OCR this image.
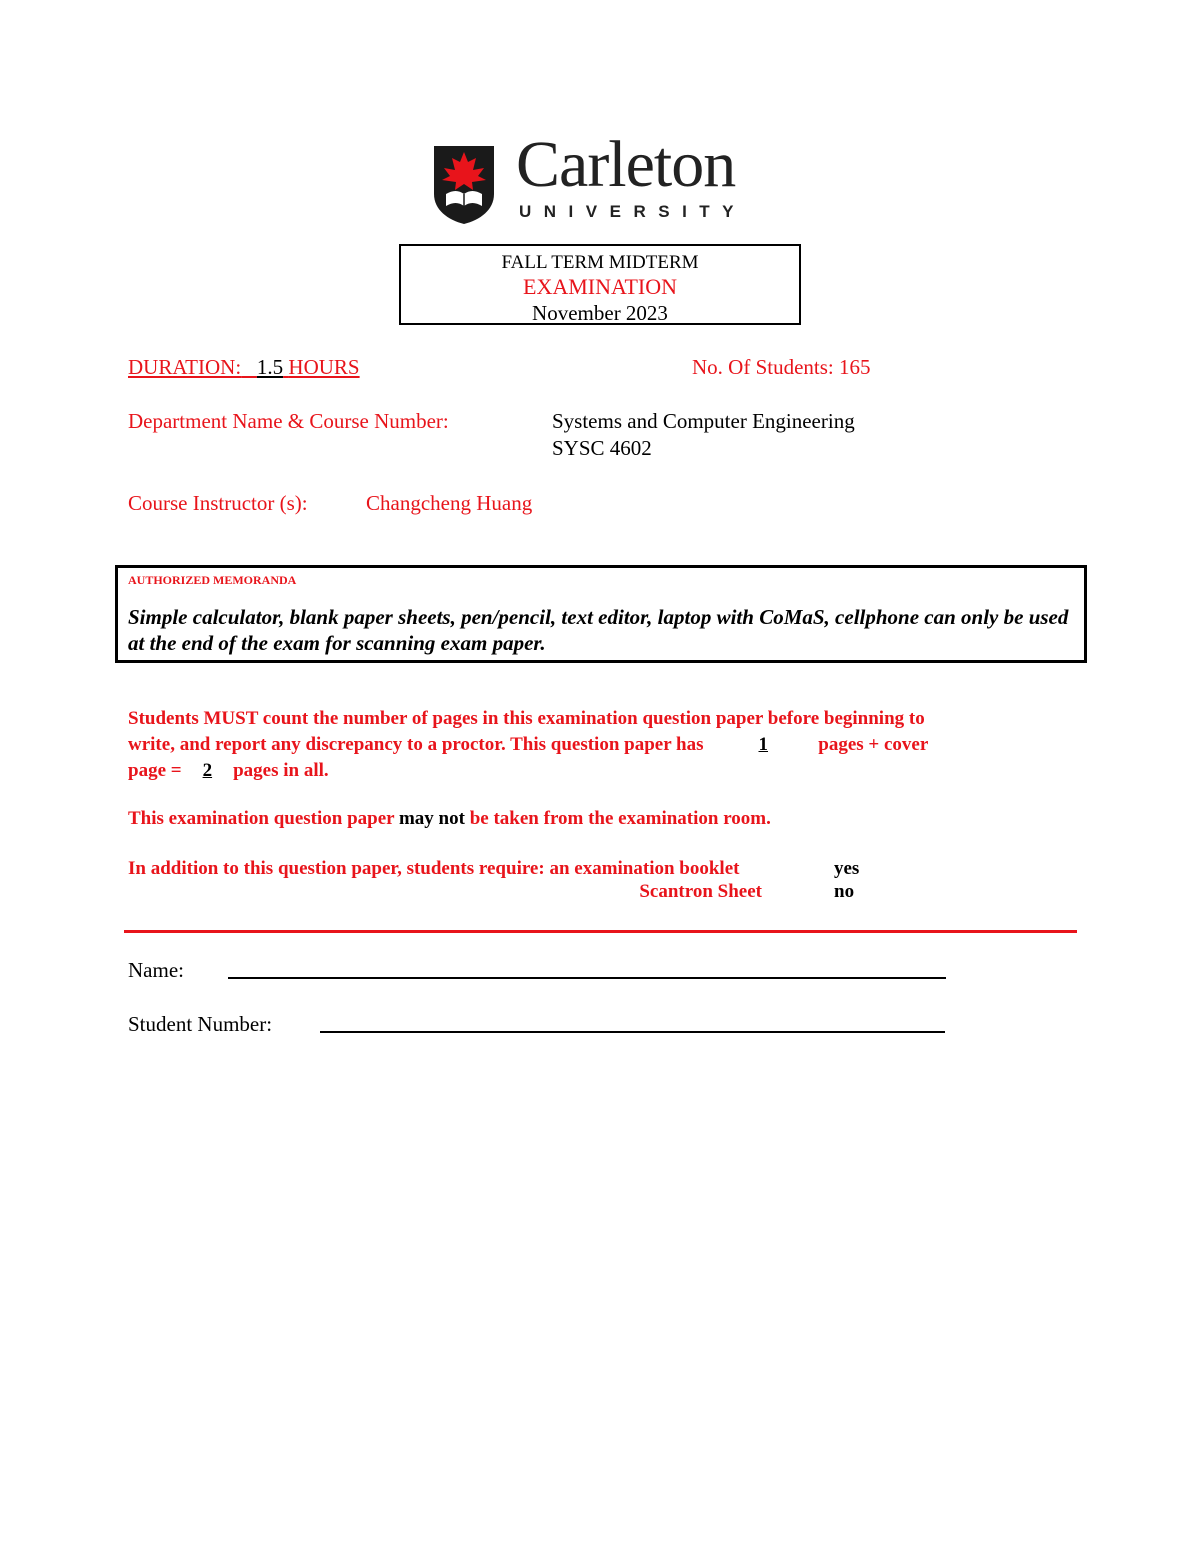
Carleton
UNIVERSITY
FALL TERM MIDTERM
EXAMINATION
November 2023
DURATION: 1.5 HOURS	No. Of Students: 165
Department Name & Course Number:	Systems and Computer Engineering
SYSC 4602
Course Instructor (s):	Changcheng Huang
AUTHORIZED MEMORANDA
Simple calculator, blank paper sheets, pen/pencil, text editor, laptop with CoMaS, cellphone can only be used at the end of the exam for scanning exam paper.
Students MUST count the number of pages in this examination question paper before beginning to
write, and report any discrepancy to a proctor. This question paper has	1	pages + cover
page = 2 pages in all.
This examination question paper may not be taken from the examination room.
In addition to this question paper, students require: an examination booklet	yes
Scantron Sheet	no
Name:
Student Number:
